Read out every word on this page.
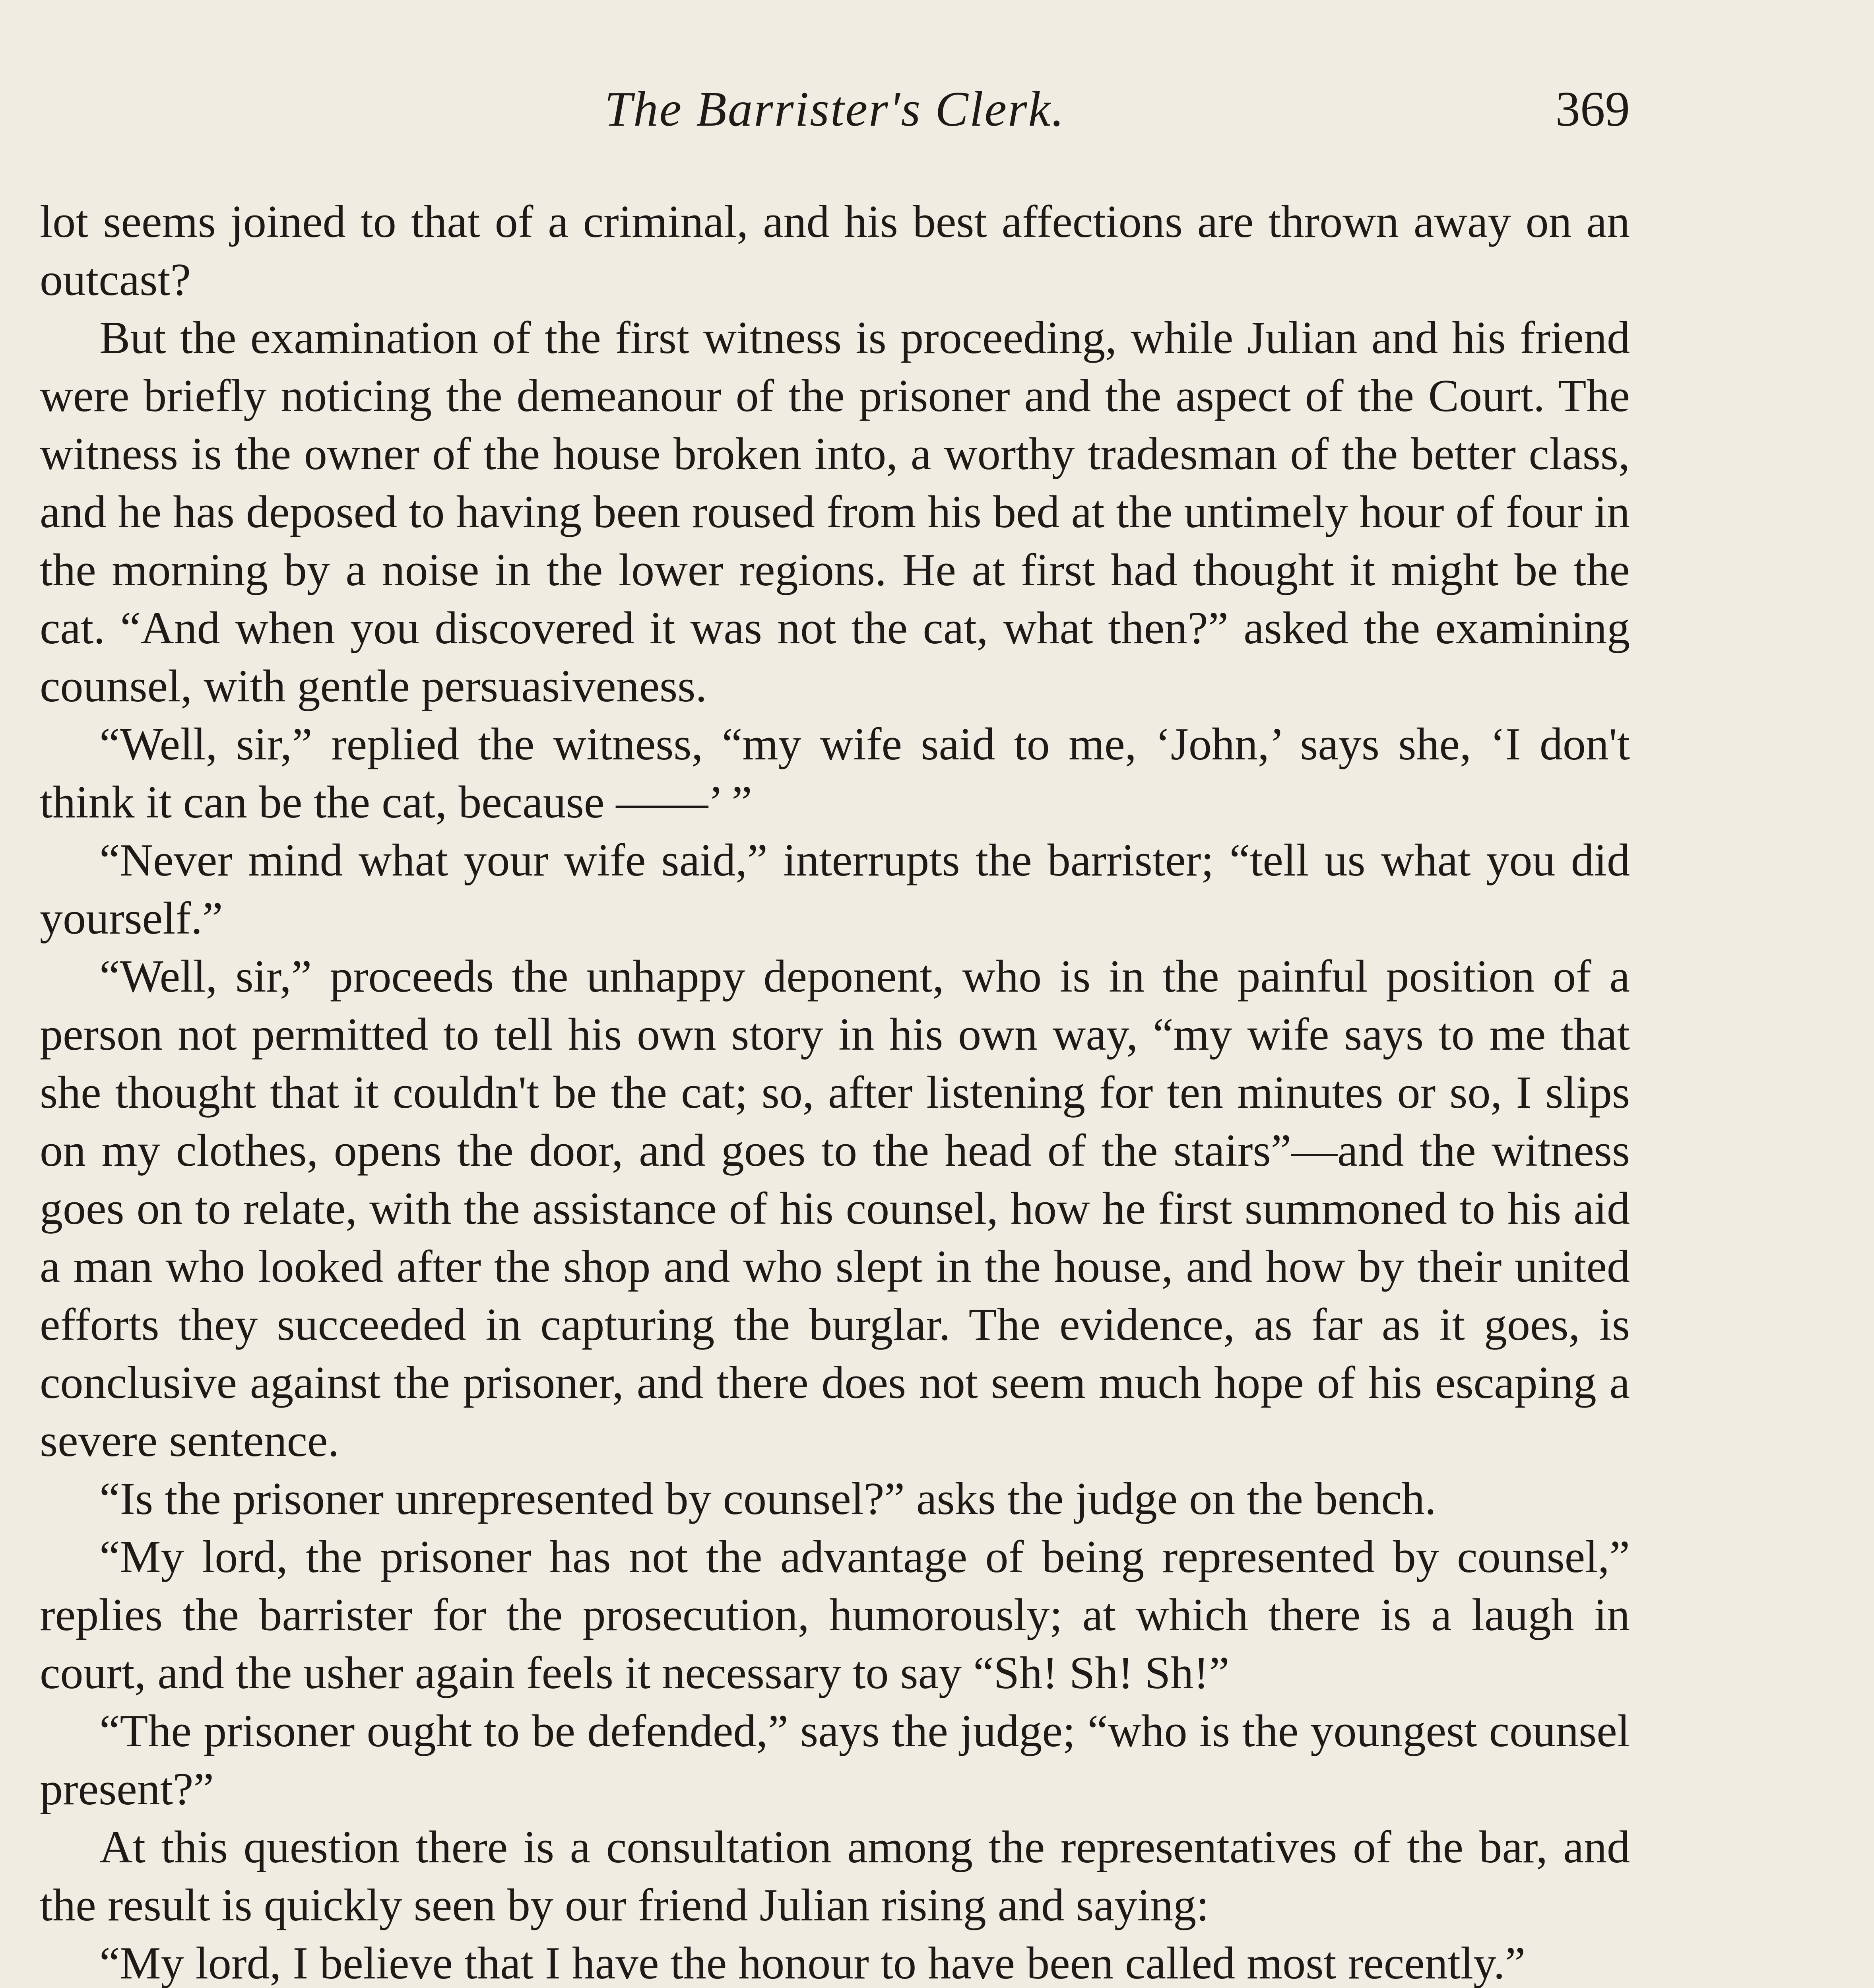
The Barrister's Clerk.	369

lot seems joined to that of a criminal, and his best affections are thrown away on an outcast?

But the examination of the first witness is proceeding, while Julian and his friend were briefly noticing the demeanour of the prisoner and the aspect of the Court. The witness is the owner of the house broken into, a worthy tradesman of the better class, and he has deposed to having been roused from his bed at the untimely hour of four in the morning by a noise in the lower regions. He at first had thought it might be the cat. “And when you discovered it was not the cat, what then?” asked the examining counsel, with gentle persuasiveness.

“Well, sir,” replied the witness, “my wife said to me, ‘John,’ says she, ‘I don't think it can be the cat, because ——’ ”

“Never mind what your wife said,” interrupts the barrister; “tell us what you did yourself.”

“Well, sir,” proceeds the unhappy deponent, who is in the painful position of a person not permitted to tell his own story in his own way, “my wife says to me that she thought that it couldn't be the cat; so, after listening for ten minutes or so, I slips on my clothes, opens the door, and goes to the head of the stairs”—and the witness goes on to relate, with the assistance of his counsel, how he first summoned to his aid a man who looked after the shop and who slept in the house, and how by their united efforts they succeeded in capturing the burglar. The evidence, as far as it goes, is conclusive against the prisoner, and there does not seem much hope of his escaping a severe sentence.

“Is the prisoner unrepresented by counsel?” asks the judge on the bench.

“My lord, the prisoner has not the advantage of being represented by counsel,” replies the barrister for the prosecution, humorously; at which there is a laugh in court, and the usher again feels it necessary to say “Sh! Sh! Sh!”

“The prisoner ought to be defended,” says the judge; “who is the youngest counsel present?”

At this question there is a consultation among the representatives of the bar, and the result is quickly seen by our friend Julian rising and saying:

“My lord, I believe that I have the honour to have been called most recently.”
